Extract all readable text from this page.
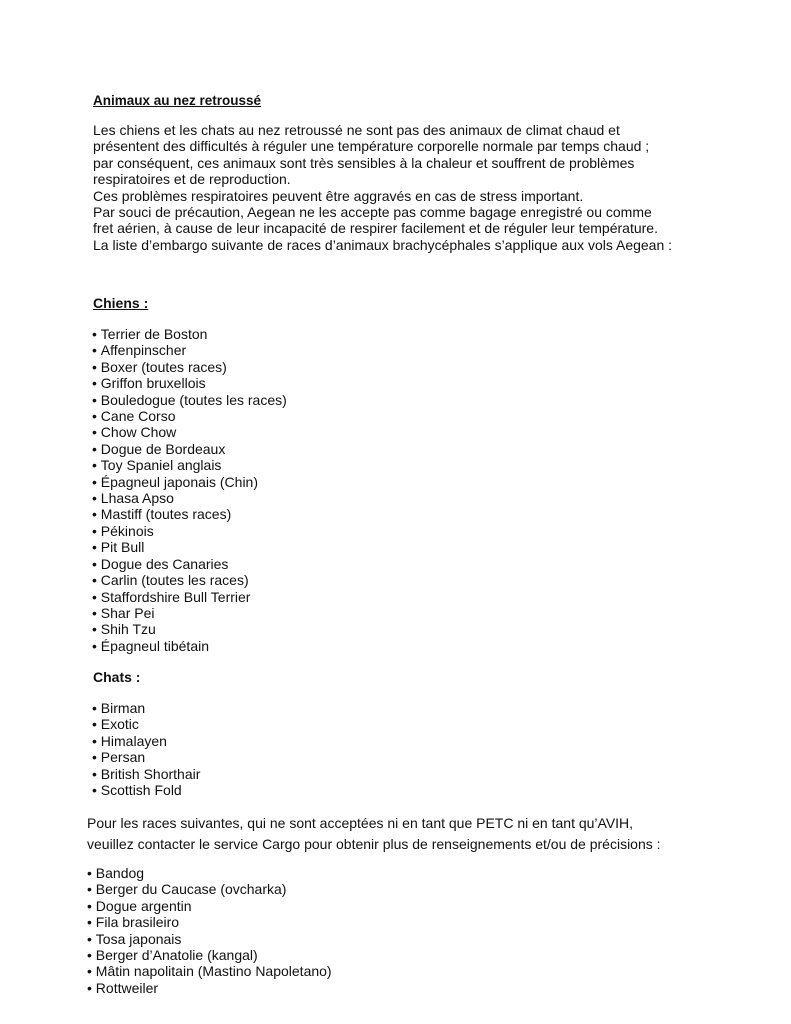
Animaux au nez retroussé
Les chiens et les chats au nez retroussé ne sont pas des animaux de climat chaud et
présentent des difficultés à réguler une température corporelle normale par temps chaud ;
par conséquent, ces animaux sont très sensibles à la chaleur et souffrent de problèmes
respiratoires et de reproduction.
Ces problèmes respiratoires peuvent être aggravés en cas de stress important.
Par souci de précaution, Aegean ne les accepte pas comme bagage enregistré ou comme
fret aérien, à cause de leur incapacité de respirer facilement et de réguler leur température.
La liste d’embargo suivante de races d’animaux brachycéphales s’applique aux vols Aegean :
Chiens :
• Terrier de Boston
• Affenpinscher
• Boxer (toutes races)
• Griffon bruxellois
• Bouledogue (toutes les races)
• Cane Corso
• Chow Chow
• Dogue de Bordeaux
• Toy Spaniel anglais
• Épagneul japonais (Chin)
• Lhasa Apso
• Mastiff (toutes races)
• Pékinois
• Pit Bull
• Dogue des Canaries
• Carlin (toutes les races)
• Staffordshire Bull Terrier
• Shar Pei
• Shih Tzu
• Épagneul tibétain
Chats :
• Birman
• Exotic
• Himalayen
• Persan
• British Shorthair
• Scottish Fold
Pour les races suivantes, qui ne sont acceptées ni en tant que PETC ni en tant qu’AVIH,
veuillez contacter le service Cargo pour obtenir plus de renseignements et/ou de précisions :
• Bandog
• Berger du Caucase (ovcharka)
• Dogue argentin
• Fila brasileiro
• Tosa japonais
• Berger d’Anatolie (kangal)
• Mâtin napolitain (Mastino Napoletano)
• Rottweiler
